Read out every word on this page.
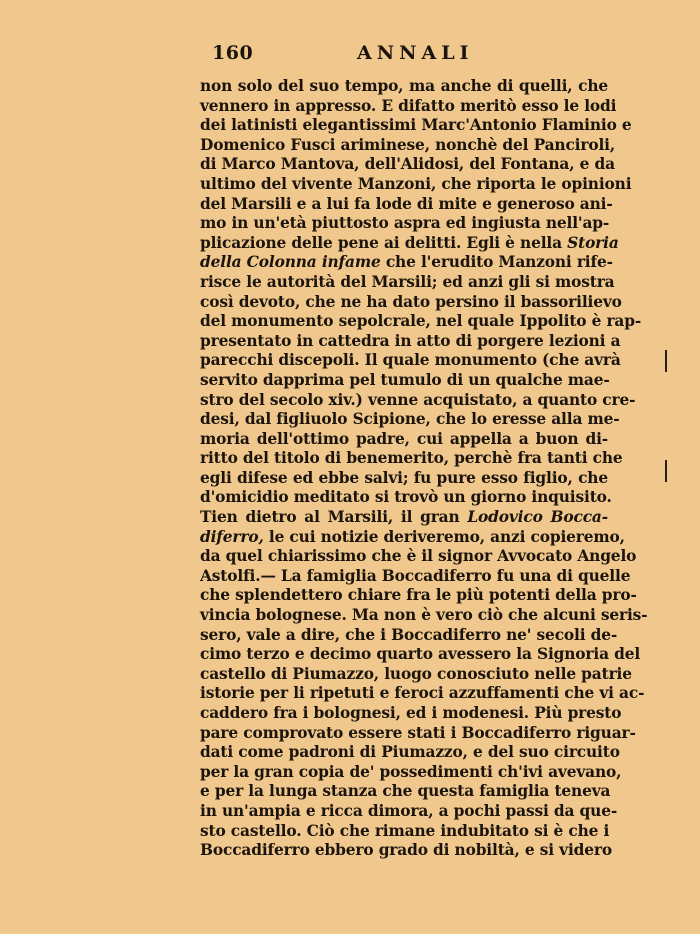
160	ANNALI
non solo del suo tempo, ma anche di quelli, che
vennero in appresso. E difatto meritò esso le lodi
dei latinisti elegantissimi Marc'Antonio Flaminio e
Domenico Fusci ariminese, nonchè del Panciroli,
di Marco Mantova, dell'Alidosi, del Fontana, e da
ultimo del vivente Manzoni, che riporta le opinioni
del Marsili e a lui fa lode di mite e generoso ani-
mo in un'età piuttosto aspra ed ingiusta nell'ap-
plicazione delle pene ai delitti. Egli è nella Storia
della Colonna infame che l'erudito Manzoni rife-
risce le autorità del Marsili; ed anzi gli si mostra
così devoto, che ne ha dato persino il bassorilievo
del monumento sepolcrale, nel quale Ippolito è rap-
presentato in cattedra in atto di porgere lezioni a
parecchi discepoli. Il quale monumento (che avrà
servito dapprima pel tumulo di un qualche mae-
stro del secolo xiv.) venne acquistato, a quanto cre-
desi, dal figliuolo Scipione, che lo eresse alla me-
moria dell'ottimo padre, cui appella a buon di-
ritto del titolo di benemerito, perchè fra tanti che
egli difese ed ebbe salvi; fu pure esso figlio, che
d'omicidio meditato si trovò un giorno inquisito.
Tien dietro al Marsili, il gran Lodovico Bocca-
diferro, le cui notizie deriveremo, anzi copieremo,
da quel chiarissimo che è il signor Avvocato Angelo
Astolfi.— La famiglia Boccadiferro fu una di quelle
che splendettero chiare fra le più potenti della pro-
vincia bolognese. Ma non è vero ciò che alcuni seris-
sero, vale a dire, che i Boccadiferro ne' secoli de-
cimo terzo e decimo quarto avessero la Signoria del
castello di Piumazzo, luogo conosciuto nelle patrie
istorie per li ripetuti e feroci azzuffamenti che vi ac-
caddero fra i bolognesi, ed i modenesi. Più presto
pare comprovato essere stati i Boccadiferro riguar-
dati come padroni di Piumazzo, e del suo circuito
per la gran copia de' possedimenti ch'ivi avevano,
e per la lunga stanza che questa famiglia teneva
in un'ampia e ricca dimora, a pochi passi da que-
sto castello. Ciò che rimane indubitato si è che i
Boccadiferro ebbero grado di nobiltà, e si videro
